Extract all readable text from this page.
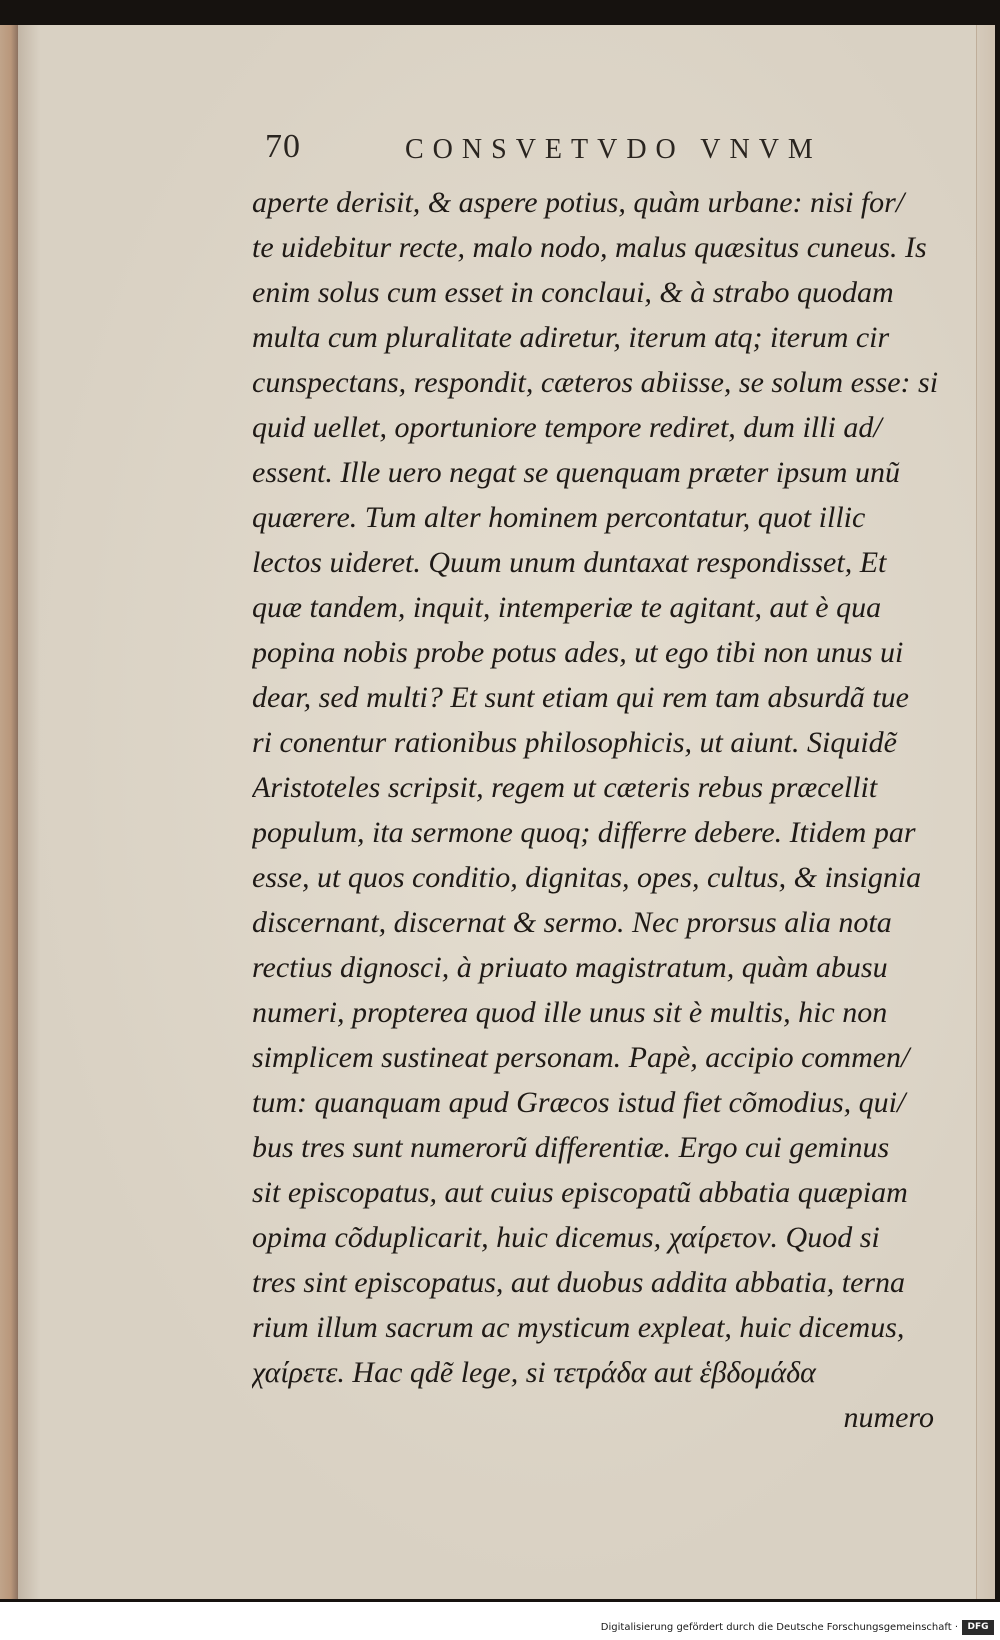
70	CONSVETVDO VNVM
aperte derisit, & aspere potius, quàm urbane: nisi for/
te uidebitur recte, malo nodo, malus quæsitus cuneus. Is
enim solus cum esset in conclaui, & à strabo quodam
multa cum pluralitate adiretur, iterum atq; iterum cir
cunspectans, respondit, cæteros abiisse, se solum esse: si
quid uellet, oportuniore tempore rediret, dum illi ad/
essent. Ille uero negat se quenquam præter ipsum unũ
quærere. Tum alter hominem percontatur, quot illic
lectos uideret. Quum unum duntaxat respondisset, Et
quæ tandem, inquit, intemperiæ te agitant, aut è qua
popina nobis probe potus ades, ut ego tibi non unus ui
dear, sed multi? Et sunt etiam qui rem tam absurdã tue
ri conentur rationibus philosophicis, ut aiunt. Siquidẽ
Aristoteles scripsit, regem ut cæteris rebus præcellit
populum, ita sermone quoq; differre debere. Itidem par
esse, ut quos conditio, dignitas, opes, cultus, & insignia
discernant, discernat & sermo. Nec prorsus alia nota
rectius dignosci, à priuato magistratum, quàm abusu
numeri, propterea quod ille unus sit è multis, hic non
simplicem sustineat personam. Papè, accipio commen/
tum: quanquam apud Græcos istud fiet cõmodius, qui/
bus tres sunt numerorũ differentiæ. Ergo cui geminus
sit episcopatus, aut cuius episcopatũ abbatia quæpiam
opima cõduplicarit, huic dicemus, χαίρετον. Quod si
tres sint episcopatus, aut duobus addita abbatia, terna
rium illum sacrum ac mysticum expleat, huic dicemus,
χαίρετε. Hac qdẽ lege, si τετράδα aut ἑβδομάδα
numero
Digitalisierung gefördert durch die Deutsche Forschungsgemeinschaft ·	DFG
